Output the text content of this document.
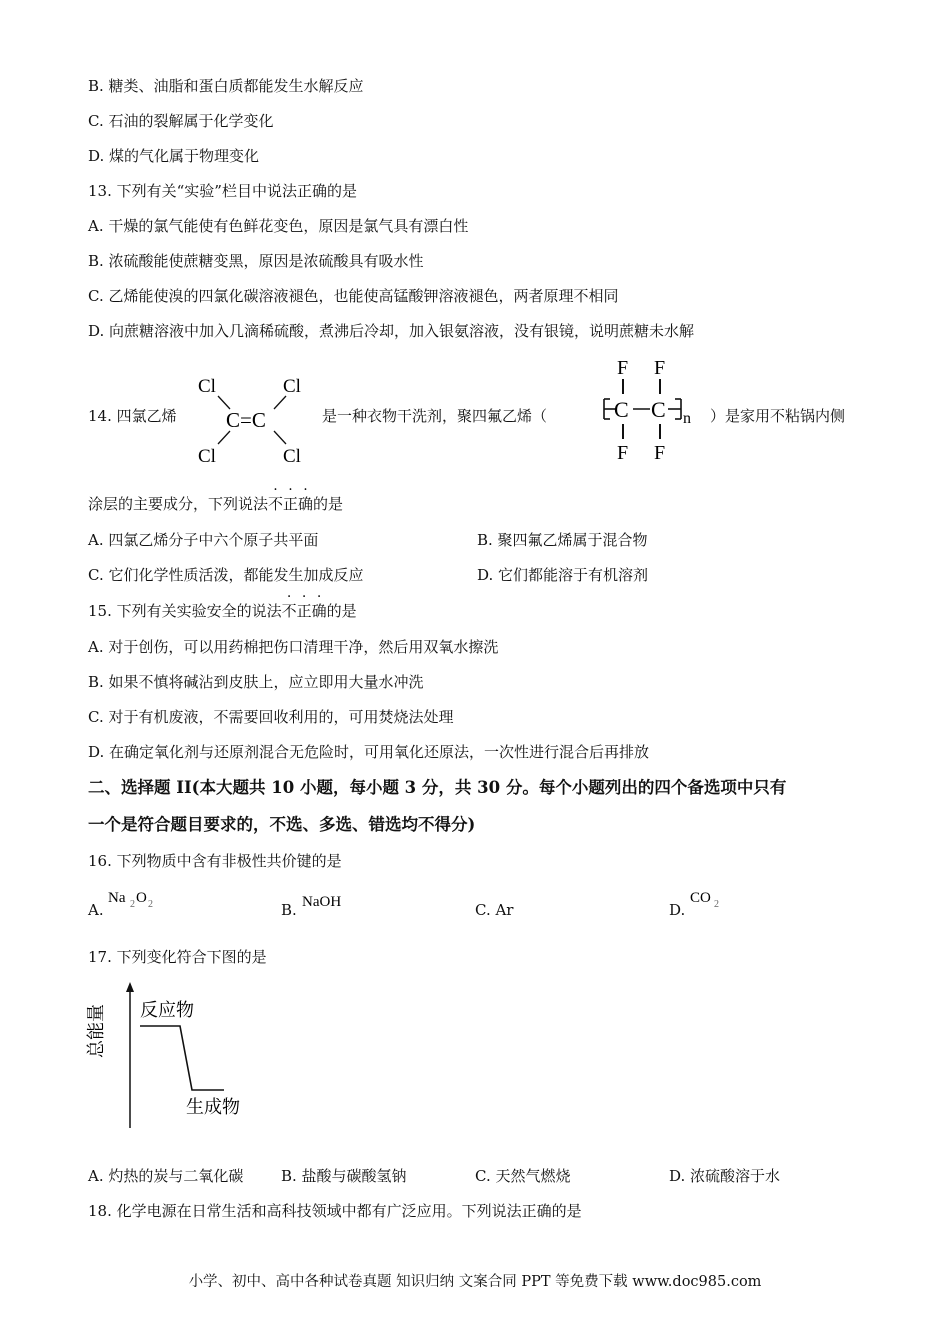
B. 糖类、油脂和蛋白质都能发生水解反应
C. 石油的裂解属于化学变化
D. 煤的气化属于物理变化
13. 下列有关“实验”栏目中说法正确的是
A. 干燥的氯气能使有色鲜花变色，原因是氯气具有漂白性
B. 浓硫酸能使蔗糖变黑，原因是浓硫酸具有吸水性
C. 乙烯能使溴的四氯化碳溶液褪色，也能使高锰酸钾溶液褪色，两者原理不相同
D. 向蔗糖溶液中加入几滴稀硫酸，煮沸后冷却，加入银氨溶液，没有银镜，说明蔗糖未水解
14. 四氯乙烯
Cl	Cl
C=C
Cl	Cl
是一种衣物干洗剂，聚四氟乙烯（
F F
C C n
F F
）是家用不粘锅内侧
涂层的主要成分，下列说法
. . .
不正确的是
A. 四氯乙烯分子中六个原子共平面	B. 聚四氟乙烯属于混合物
C. 它们化学性质活泼，都能发生加成反应	D. 它们都能溶于有机溶剂
15. 下列有关实验安全的说法
. . .
不正确的是
A. 对于创伤，可以用药棉把伤口清理干净，然后用双氧水擦洗
B. 如果不慎将碱沾到皮肤上，应立即用大量水冲洗
C. 对于有机废液，不需要回收利用的，可用焚烧法处理
D. 在确定氧化剂与还原剂混合无危险时，可用氧化还原法，一次性进行混合后再排放
二、选择题 II(本大题共 10 小题，每小题 3 分，共 30 分。每个小题列出的四个备选项中只有
一个是符合题目要求的，不选、多选、错选均不得分)
16. 下列物质中含有非极性共价键的是
A.
Na 2 O 2	B. NaOH	C. Ar	D.
CO 2
17. 下列变化符合下图的是
总能量 反应物
生成物
A. 灼热的炭与二氧化碳	B. 盐酸与碳酸氢钠	C. 天然气燃烧	D. 浓硫酸溶于水
18. 化学电源在日常生活和高科技领域中都有广泛应用。下列说法正确的是
小学、初中、高中各种试卷真题 知识归纳 文案合同 PPT 等免费下载 www.doc985.com
